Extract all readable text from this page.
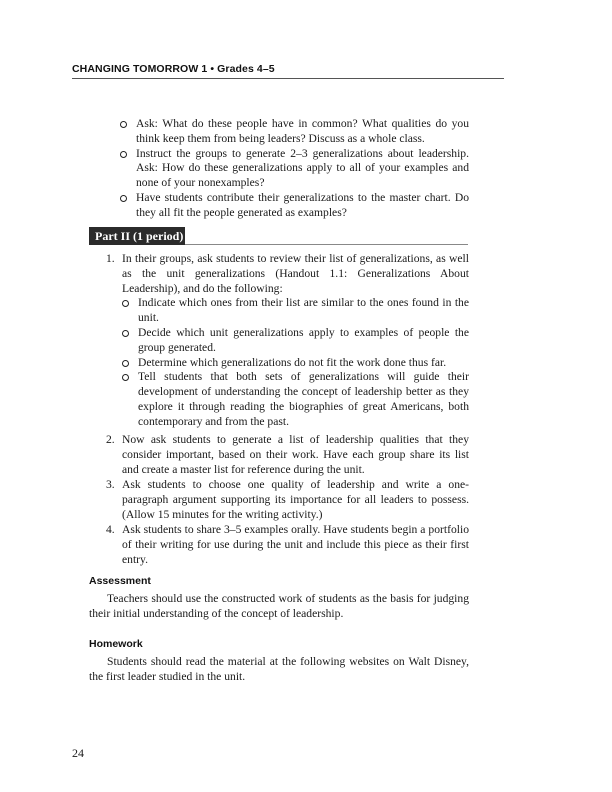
CHANGING TOMORROW 1 • Grades 4–5
Ask: What do these people have in common? What qualities do you think keep them from being leaders? Discuss as a whole class.
Instruct the groups to generate 2–3 generalizations about leadership. Ask: How do these generalizations apply to all of your examples and none of your nonexamples?
Have students contribute their generalizations to the master chart. Do they all fit the people generated as examples?
Part II (1 period)
1. In their groups, ask students to review their list of generalizations, as well as the unit generalizations (Handout 1.1: Generalizations About Leadership), and do the following:
Indicate which ones from their list are similar to the ones found in the unit.
Decide which unit generalizations apply to examples of people the group generated.
Determine which generalizations do not fit the work done thus far.
Tell students that both sets of generalizations will guide their development of understanding the concept of leadership better as they explore it through reading the biographies of great Americans, both contemporary and from the past.
2. Now ask students to generate a list of leadership qualities that they consider important, based on their work. Have each group share its list and create a master list for reference during the unit.
3. Ask students to choose one quality of leadership and write a one-paragraph argument supporting its importance for all leaders to possess. (Allow 15 minutes for the writing activity.)
4. Ask students to share 3–5 examples orally. Have students begin a portfolio of their writing for use during the unit and include this piece as their first entry.
Assessment
Teachers should use the constructed work of students as the basis for judging their initial understanding of the concept of leadership.
Homework
Students should read the material at the following websites on Walt Disney, the first leader studied in the unit.
24
